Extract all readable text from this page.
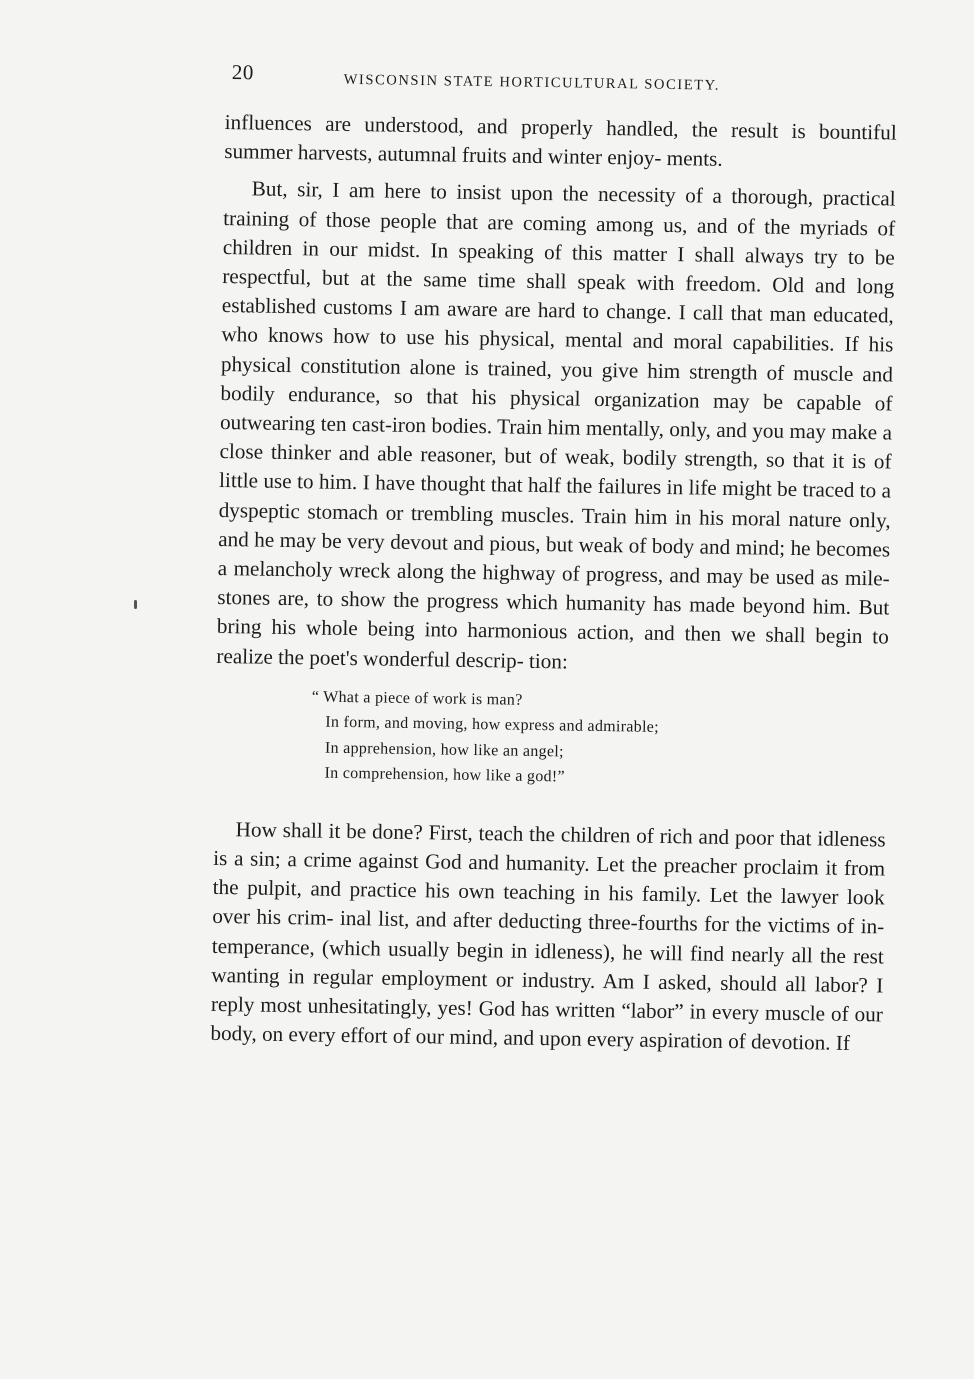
20	WISCONSIN STATE HORTICULTURAL SOCIETY.

influences are understood, and properly handled, the result is bountiful summer harvests, autumnal fruits and winter enjoy- ments.

But, sir, I am here to insist upon the necessity of a thorough, practical training of those people that are coming among us, and of the myriads of children in our midst. In speaking of this matter I shall always try to be respectful, but at the same time shall speak with freedom. Old and long established customs I am aware are hard to change. I call that man educated, who knows how to use his physical, mental and moral capabilities. If his physical constitution alone is trained, you give him strength of muscle and bodily endurance, so that his physical organization may be capable of outwearing ten cast-iron bodies. Train him mentally, only, and you may make a close thinker and able reasoner, but of weak, bodily strength, so that it is of little use to him. I have thought that half the failures in life might be traced to a dyspeptic stomach or trembling muscles. Train him in his moral nature only, and he may be very devout and pious, but weak of body and mind; he becomes a melancholy wreck along the highway of progress, and may be used as mile- stones are, to show the progress which humanity has made beyond him. But bring his whole being into harmonious action, and then we shall begin to realize the poet's wonderful descrip- tion:

“ What a piece of work is man?
In form, and moving, how express and admirable;
In apprehension, how like an angel;
In comprehension, how like a god!”

How shall it be done? First, teach the children of rich and poor that idleness is a sin; a crime against God and humanity. Let the preacher proclaim it from the pulpit, and practice his own teaching in his family. Let the lawyer look over his crim- inal list, and after deducting three-fourths for the victims of in- temperance, (which usually begin in idleness), he will find nearly all the rest wanting in regular employment or industry. Am I asked, should all labor? I reply most unhesitatingly, yes! God has written “labor” in every muscle of our body, on every effort of our mind, and upon every aspiration of devotion. If
